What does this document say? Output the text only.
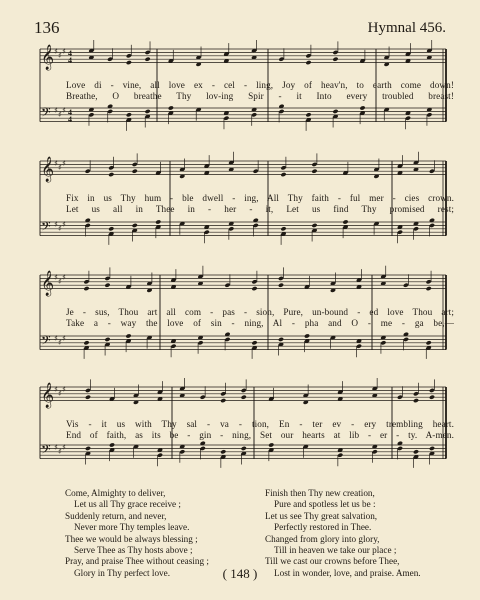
136	Hymnal 456.
𝄞 ♯ ♯ ♯ 4
4
𝄢 ♯ ♯ ♯ 4
4
Love di - vine, all love ex - cel - ling, Joy of heav'n, to earth come down!
Breathe, O breathe Thy lov-ing Spir - it Into every troubled breast!
𝄞 ♯ ♯ ♯
𝄢 ♯ ♯ ♯
Fix in us Thy hum - ble dwell - ing, All Thy faith - ful mer - cies crown.
Let us all in Thee in - her - it, Let us find Thy promised rest;
𝄞 ♯ ♯ ♯
𝄢 ♯ ♯ ♯
Je - sus, Thou art all com - pas - sion, Pure, un-bound - ed love Thou art;
Take a - way the love of sin - ning, Al - pha and O - me - ga be,—
𝄞 ♯ ♯ ♯
𝄢 ♯ ♯ ♯
Vis - it us with Thy sal - va - tion, En - ter ev - ery trembling heart.
End of faith, as its be - gin - ning, Set our hearts at lib - er - ty. A-men.
Come, Almighty to deliver,
Let us all Thy grace receive ;
Suddenly return, and never,
Never more Thy temples leave.
Thee we would be always blessing ;
Serve Thee as Thy hosts above ;
Pray, and praise Thee without ceasing ;
Glory in Thy perfect love.
Finish then Thy new creation,
Pure and spotless let us be :
Let us see Thy great salvation,
Perfectly restored in Thee.
Changed from glory into glory,
Till in heaven we take our place ;
Till we cast our crowns before Thee,
Lost in wonder, love, and praise. Amen.
( 148 )
